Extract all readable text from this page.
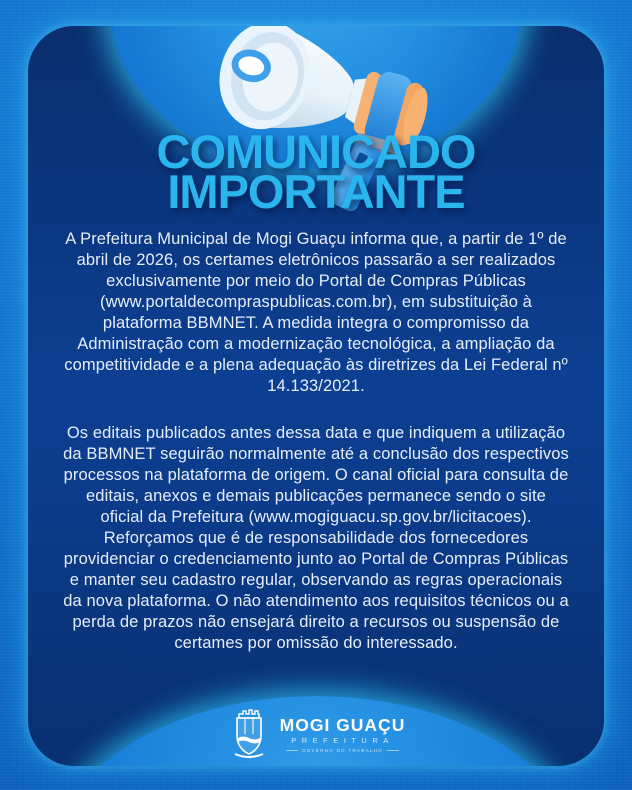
COMUNICADO
IMPORTANTE

A Prefeitura Municipal de Mogi Guaçu informa que, a partir de 1º de abril de 2026, os certames eletrônicos passarão a ser realizados exclusivamente por meio do Portal de Compras Públicas (www.portaldecompraspublicas.com.br), em substituição à plataforma BBMNET. A medida integra o compromisso da Administração com a modernização tecnológica, a ampliação da competitividade e a plena adequação às diretrizes da Lei Federal nº 14.133/2021.

Os editais publicados antes dessa data e que indiquem a utilização da BBMNET seguirão normalmente até a conclusão dos respectivos processos na plataforma de origem. O canal oficial para consulta de editais, anexos e demais publicações permanece sendo o site oficial da Prefeitura (www.mogiguacu.sp.gov.br/licitacoes). Reforçamos que é de responsabilidade dos fornecedores providenciar o credenciamento junto ao Portal de Compras Públicas e manter seu cadastro regular, observando as regras operacionais da nova plataforma. O não atendimento aos requisitos técnicos ou a perda de prazos não ensejará direito a recursos ou suspensão de certames por omissão do interessado.

MOGI GUAÇU
PREFEITURA
GOVERNO DO TRABALHO
